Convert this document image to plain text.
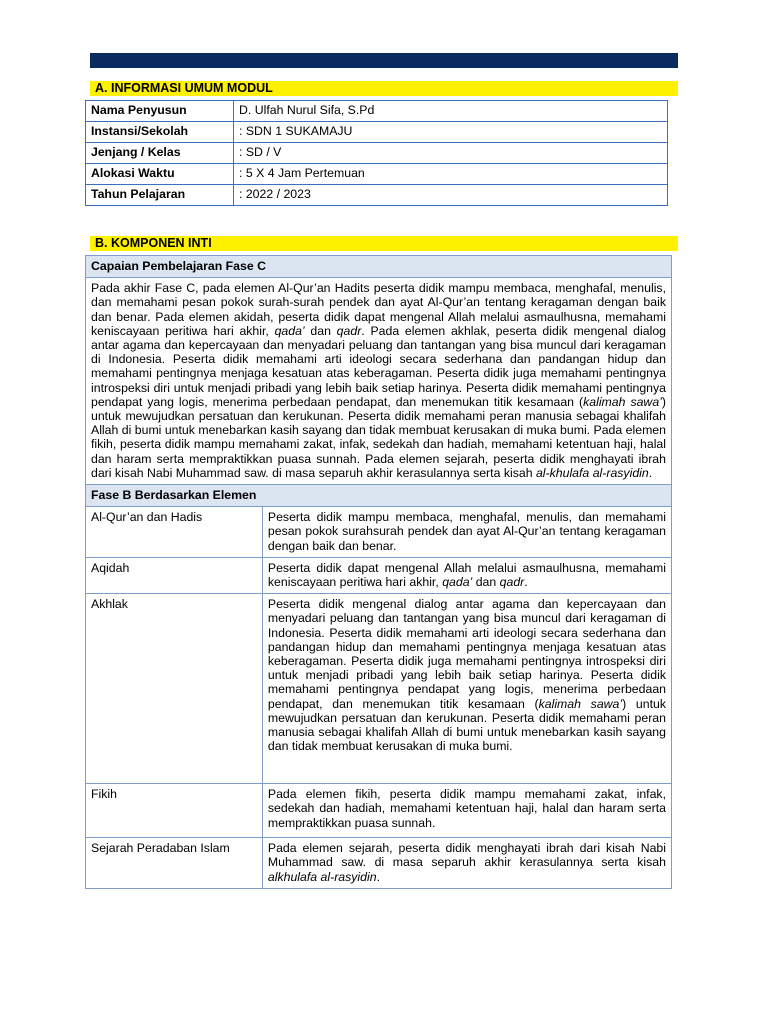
A. INFORMASI UMUM MODUL
Nama Penyusun	D. Ulfah Nurul Sifa, S.Pd
Instansi/Sekolah	: SDN 1 SUKAMAJU
Jenjang / Kelas	: SD / V
Alokasi Waktu	: 5 X 4 Jam Pertemuan
Tahun Pelajaran	: 2022 / 2023
B. KOMPONEN INTI
Capaian Pembelajaran Fase C	
Pada akhir Fase C, pada elemen Al-Qur’an Hadits peserta didik mampu membaca, menghafal, menulis, dan memahami pesan pokok surah-surah pendek dan ayat Al-Qur’an tentang keragaman dengan baik dan benar. Pada elemen akidah, peserta didik dapat mengenal Allah melalui asmaulhusna, memahami keniscayaan peritiwa hari akhir, qada’ dan qadr. Pada elemen akhlak, peserta didik mengenal dialog antar agama dan kepercayaan dan menyadari peluang dan tantangan yang bisa muncul dari keragaman di Indonesia. Peserta didik memahami arti ideologi secara sederhana dan pandangan hidup dan memahami pentingnya menjaga kesatuan atas keberagaman. Peserta didik juga memahami pentingnya introspeksi diri untuk menjadi pribadi yang lebih baik setiap harinya. Peserta didik memahami pentingnya pendapat yang logis, menerima perbedaan pendapat, dan menemukan titik kesamaan (kalimah sawa’) untuk mewujudkan persatuan dan kerukunan. Peserta didik memahami peran manusia sebagai khalifah Allah di bumi untuk menebarkan kasih sayang dan tidak membuat kerusakan di muka bumi. Pada elemen fikih, peserta didik mampu memahami zakat, infak, sedekah dan hadiah, memahami ketentuan haji, halal dan haram serta mempraktikkan puasa sunnah. Pada elemen sejarah, peserta didik menghayati ibrah dari kisah Nabi Muhammad saw. di masa separuh akhir kerasulannya serta kisah al-khulafa al-rasyidin.	
Fase B Berdasarkan Elemen	
Al-Qur’an dan Hadis	Peserta didik mampu membaca, menghafal, menulis, dan memahami pesan pokok surahsurah pendek dan ayat Al-Qur’an tentang keragaman dengan baik dan benar.
Aqidah	Peserta didik dapat mengenal Allah melalui asmaulhusna, memahami keniscayaan peritiwa hari akhir, qada’ dan qadr.
Akhlak	Peserta didik mengenal dialog antar agama dan kepercayaan dan menyadari peluang dan tantangan yang bisa muncul dari keragaman di Indonesia. Peserta didik memahami arti ideologi secara sederhana dan pandangan hidup dan memahami pentingnya menjaga kesatuan atas keberagaman. Peserta didik juga memahami pentingnya introspeksi diri untuk menjadi pribadi yang lebih baik setiap harinya. Peserta didik memahami pentingnya pendapat yang logis, menerima perbedaan pendapat, dan menemukan titik kesamaan (kalimah sawa’) untuk mewujudkan persatuan dan kerukunan. Peserta didik memahami peran manusia sebagai khalifah Allah di bumi untuk menebarkan kasih sayang dan tidak membuat kerusakan di muka bumi.
Fikih	Pada elemen fikih, peserta didik mampu memahami zakat, infak, sedekah dan hadiah, memahami ketentuan haji, halal dan haram serta mempraktikkan puasa sunnah.
Sejarah Peradaban Islam	Pada elemen sejarah, peserta didik menghayati ibrah dari kisah Nabi Muhammad saw. di masa separuh akhir kerasulannya serta kisah alkhulafa al-rasyidin.
